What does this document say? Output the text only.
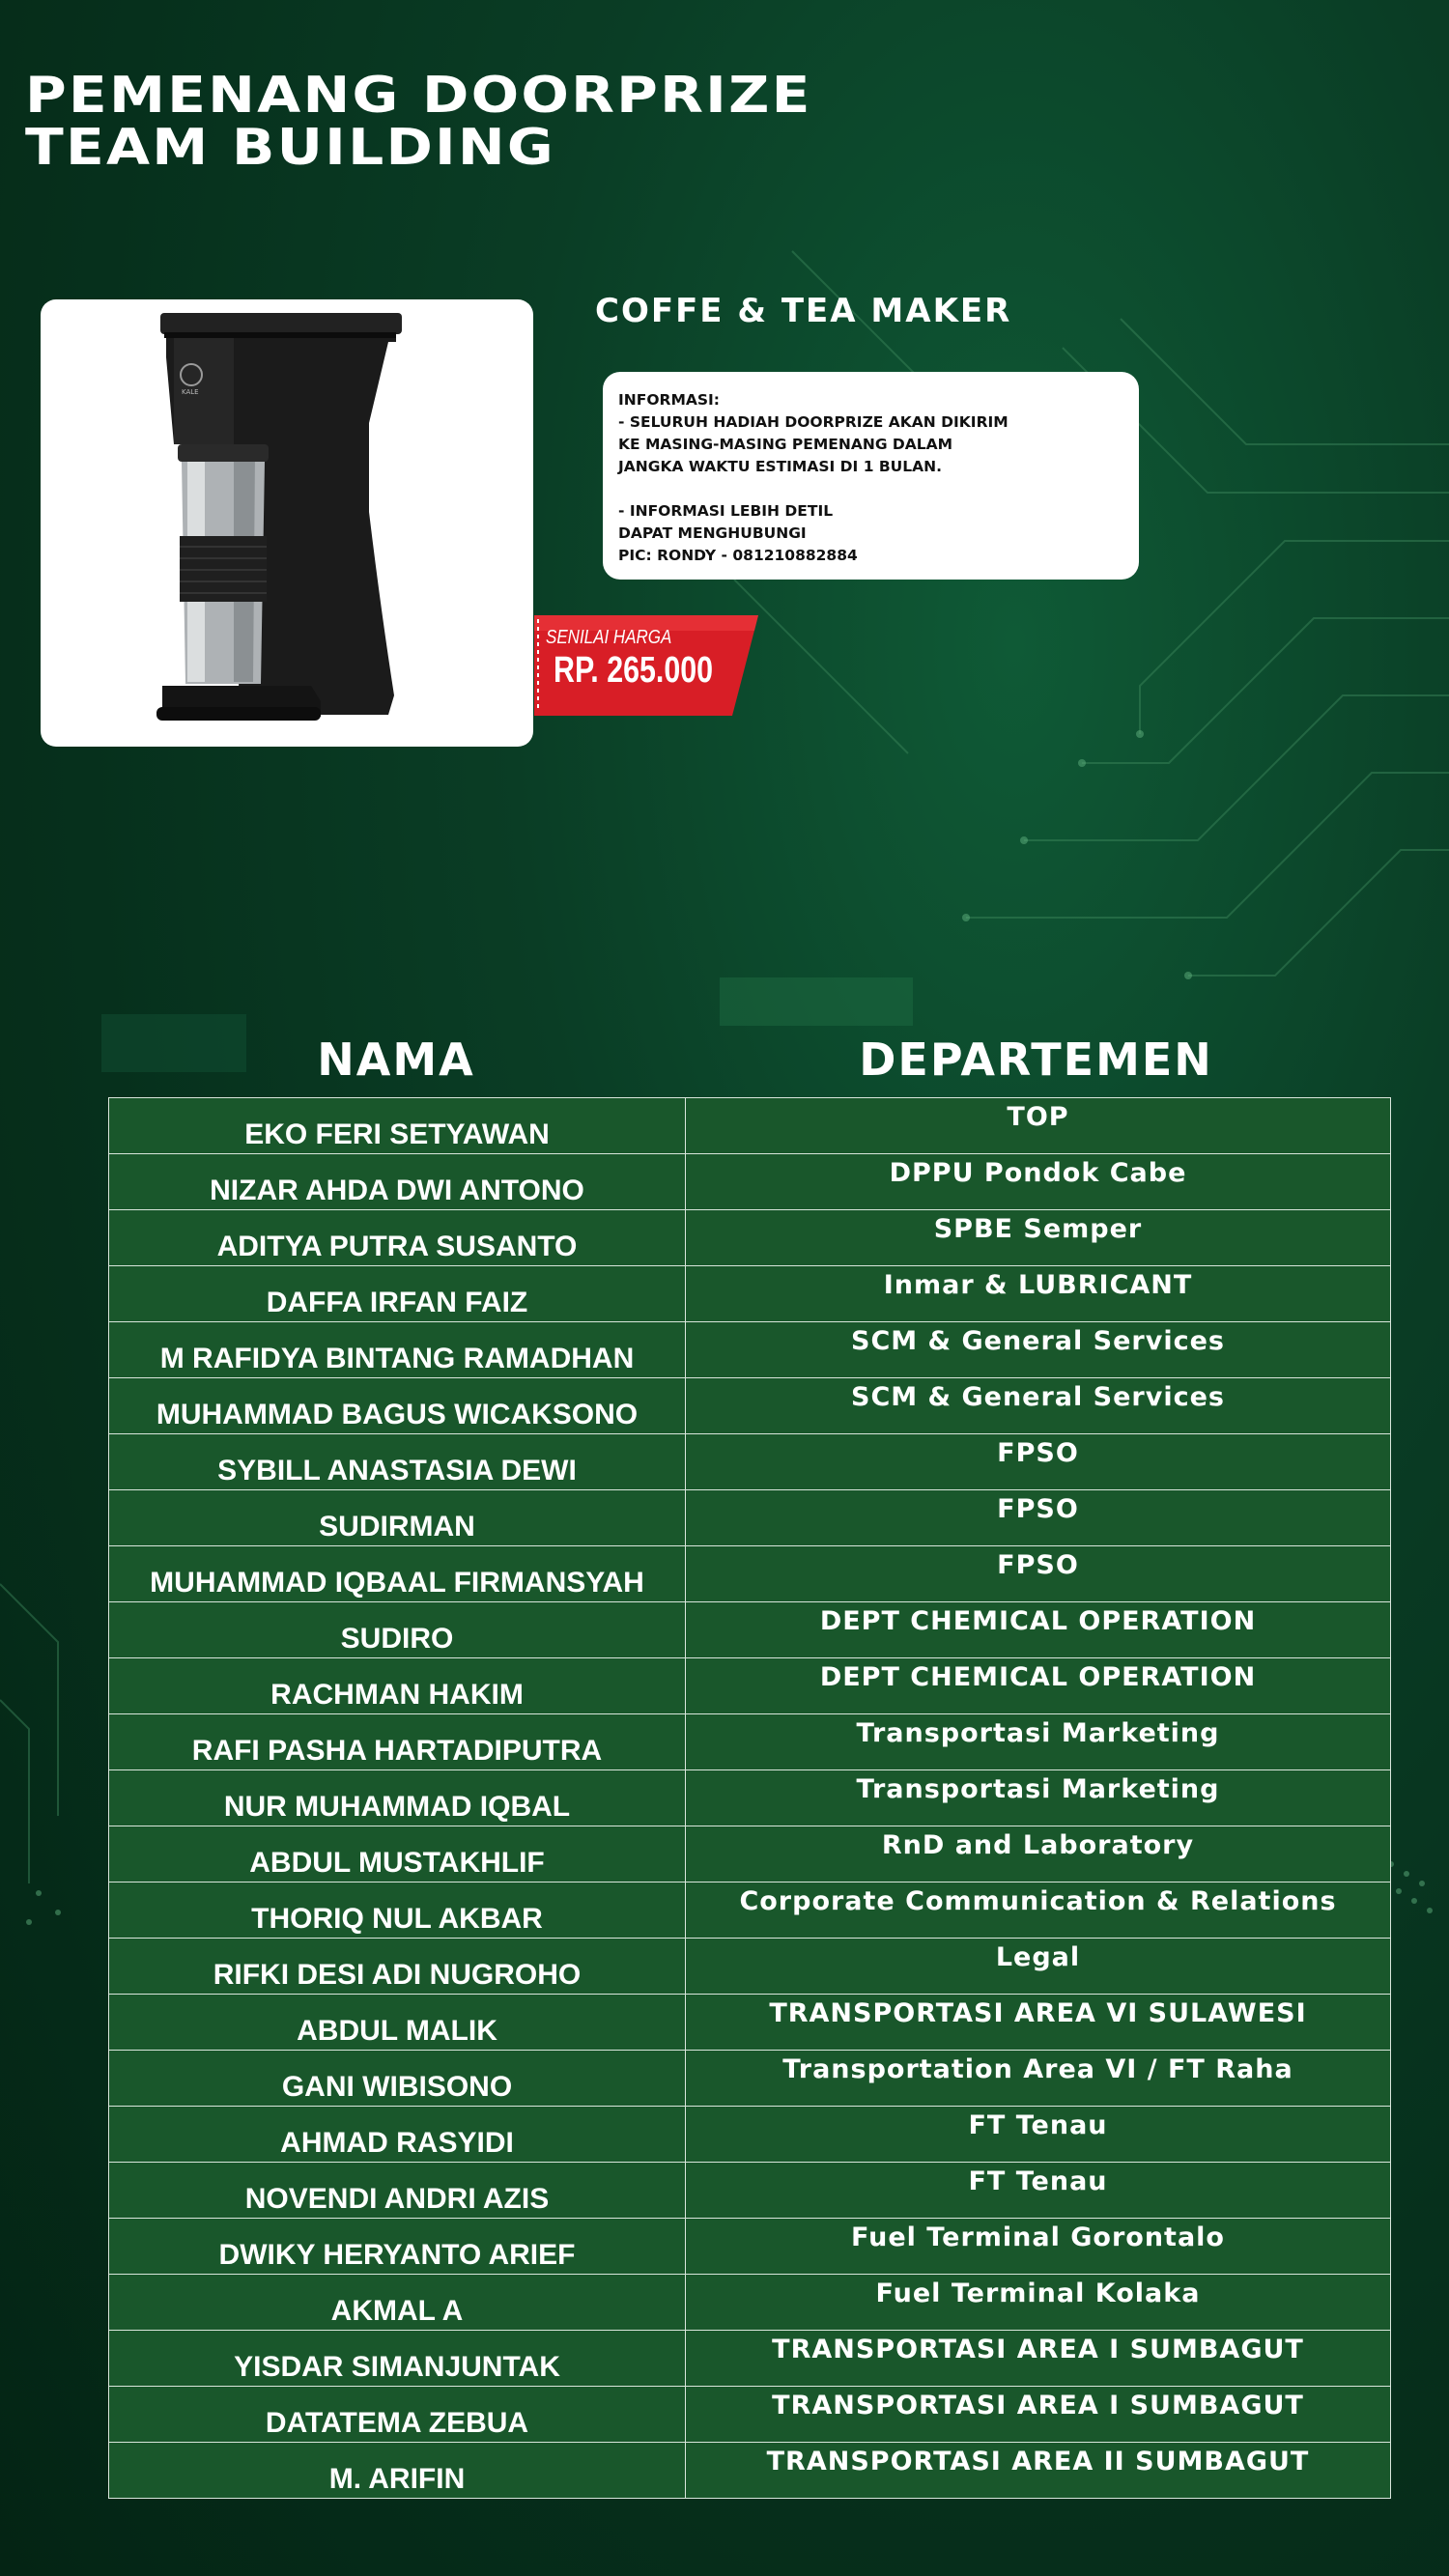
PEMENANG DOORPRIZE
TEAM BUILDING
KALE
SENILAI HARGA
RP. 265.000
COFFE & TEA MAKER
INFORMASI:
- SELURUH HADIAH DOORPRIZE AKAN DIKIRIM
KE MASING-MASING PEMENANG DALAM
JANGKA WAKTU ESTIMASI DI 1 BULAN.
- INFORMASI LEBIH DETIL
DAPAT MENGHUBUNGI
PIC: RONDY - 081210882884
NAMA	DEPARTEMEN
EKO FERI SETYAWAN	TOP
NIZAR AHDA DWI ANTONO	DPPU Pondok Cabe
ADITYA PUTRA SUSANTO	SPBE Semper
DAFFA IRFAN FAIZ	Inmar & LUBRICANT
M RAFIDYA BINTANG RAMADHAN	SCM & General Services
MUHAMMAD BAGUS WICAKSONO	SCM & General Services
SYBILL ANASTASIA DEWI	FPSO
SUDIRMAN	FPSO
MUHAMMAD IQBAAL FIRMANSYAH	FPSO
SUDIRO	DEPT CHEMICAL OPERATION
RACHMAN HAKIM	DEPT CHEMICAL OPERATION
RAFI PASHA HARTADIPUTRA	Transportasi Marketing
NUR MUHAMMAD IQBAL	Transportasi Marketing
ABDUL MUSTAKHLIF	RnD and Laboratory
THORIQ NUL AKBAR	Corporate Communication & Relations
RIFKI DESI ADI NUGROHO	Legal
ABDUL MALIK	TRANSPORTASI AREA VI SULAWESI
GANI WIBISONO	Transportation Area VI / FT Raha
AHMAD RASYIDI	FT Tenau
NOVENDI ANDRI AZIS	FT Tenau
DWIKY HERYANTO ARIEF	Fuel Terminal Gorontalo
AKMAL A	Fuel Terminal Kolaka
YISDAR SIMANJUNTAK	TRANSPORTASI AREA I SUMBAGUT
DATATEMA ZEBUA	TRANSPORTASI AREA I SUMBAGUT
M. ARIFIN	TRANSPORTASI AREA II SUMBAGUT
